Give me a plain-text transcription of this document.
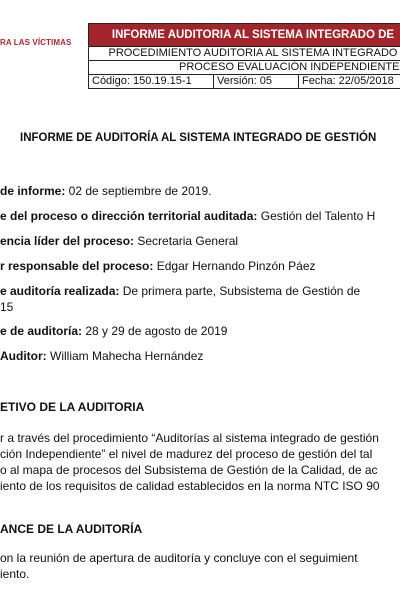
RA LAS VÍCTIMAS
INFORME AUDITORIA AL SISTEMA INTEGRADO DE
PROCEDIMIENTO AUDITORIA AL SISTEMA INTEGRADO
PROCESO EVALUACIÓN INDEPENDIENTE
Código: 150.19.15-1	Versión: 05	Fecha: 22/05/2018
INFORME DE AUDITORÍA AL SISTEMA INTEGRADO DE GESTIÓN
de informe: 02 de septiembre de 2019.
e del proceso o dirección territorial auditada: Gestión del Talento H
encia líder del proceso: Secretaria General
r responsable del proceso: Edgar Hernando Pinzón Páez
e auditoría realizada: De primera parte, Subsistema de Gestión de
15
e de auditoría: 28 y 29 de agosto de 2019
Auditor: William Mahecha Hernández
ETIVO DE LA AUDITORIA
r a través del procedimiento “Auditorías al sistema integrado de gestión
ción Independiente” el nivel de madurez del proceso de gestión del tal
o al mapa de procesos del Subsistema de Gestión de la Calidad, de ac
iento de los requisitos de calidad establecidos en la norma NTC ISO 90
ANCE DE LA AUDITORÍA
on la reunión de apertura de auditoría y concluye con el seguimient
iento.
